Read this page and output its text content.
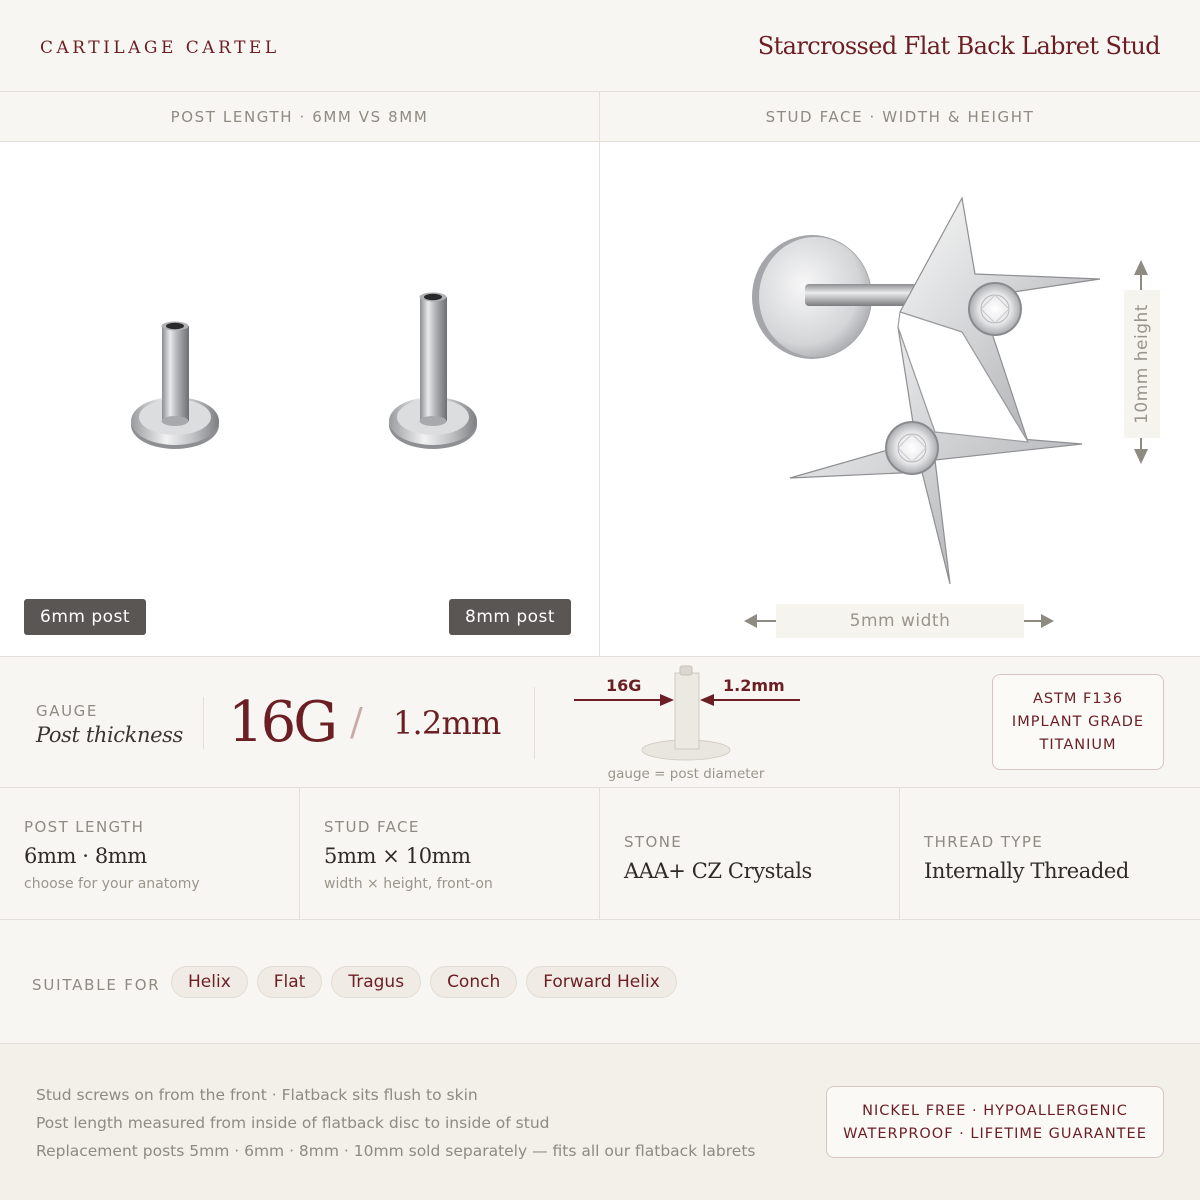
CARTILAGE CARTEL	Starcrossed Flat Back Labret Stud
POST LENGTH · 6MM VS 8MM	STUD FACE · WIDTH & HEIGHT
6mm post	8mm post	5mm width
10mm height
GAUGE
Post thickness 16G / 1.2mm
16G	1.2mm
gauge = post diameter
ASTM F136
IMPLANT GRADE
TITANIUM
POST LENGTH
6mm · 8mm
choose for your anatomy
STUD FACE
5mm × 10mm
width × height, front-on
STONE
AAA+ CZ Crystals
THREAD TYPE
Internally Threaded
SUITABLE FOR	Helix	Flat	Tragus	Conch	Forward Helix
Stud screws on from the front · Flatback sits flush to skin
Post length measured from inside of flatback disc to inside of stud
Replacement posts 5mm · 6mm · 8mm · 10mm sold separately — fits all our flatback labrets
NICKEL FREE · HYPOALLERGENIC
WATERPROOF · LIFETIME GUARANTEE
